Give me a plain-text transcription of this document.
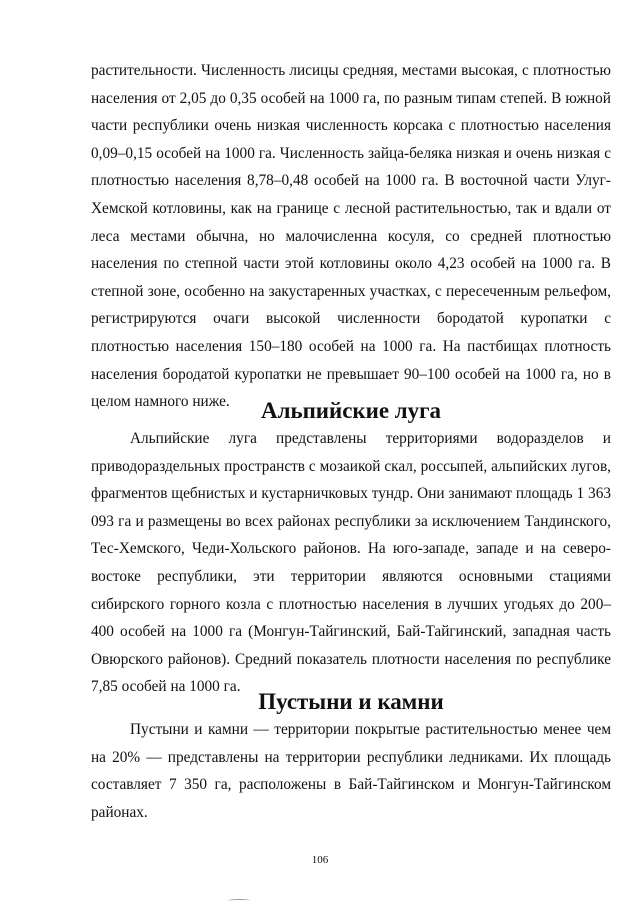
растительности. Численность лисицы средняя, местами высокая, с плотностью населения от 2,05 до 0,35 особей на 1000 га, по разным типам степей. В южной части республики очень низкая численность корсака с плотностью населения 0,09–0,15 особей на 1000 га. Численность зайца-беляка низкая и очень низкая с плотностью населения 8,78–0,48 особей на 1000 га. В восточной части Улуг-Хемской котловины, как на границе с лесной растительностью, так и вдали от леса местами обычна, но малочисленна косуля, со средней плотностью населения по степной части этой котловины около 4,23 особей на 1000 га. В степной зоне, особенно на закустаренных участках, с пересеченным рельефом, регистрируются очаги высокой численности бородатой куропатки с плотностью населения 150–180 особей на 1000 га. На пастбищах плотность населения бородатой куропатки не превышает 90–100 особей на 1000 га, но в целом намного ниже.	Альпийские луга

Альпийские луга представлены территориями водоразделов и приводораздельных пространств с мозаикой скал, россыпей, альпийских лугов, фрагментов щебнистых и кустарничковых тундр. Они занимают площадь 1 363 093 га и размещены во всех районах республики за исключением Тандинского, Тес-Хемского, Чеди-Хольского районов. На юго-западе, западе и на северо-востоке республики, эти территории являются основными стациями сибирского горного козла с плотностью населения в лучших угодьях до 200–400 особей на 1000 га (Монгун-Тайгинский, Бай-Тайгинский, западная часть Овюрского районов). Средний показатель плотности населения по республике 7,85 особей на 1000 га.

Пустыни и камни

Пустыни и камни — территории покрытые растительностью менее чем на 20% — представлены на территории республики ледниками. Их площадь составляет 7 350 га, расположены в Бай-Тайгинском и Монгун-Тайгинском районах.

106
